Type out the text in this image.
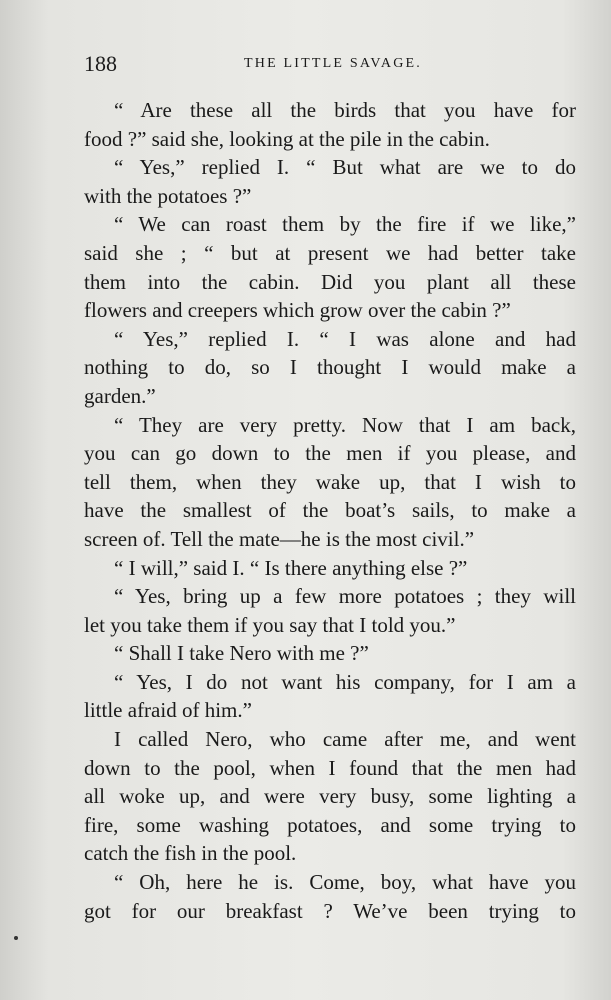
188	THE LITTLE SAVAGE.
“ Are these all the birds that you have for
food ?” said she, looking at the pile in the cabin.
“ Yes,” replied I. “ But what are we to do
with the potatoes ?”
“ We can roast them by the fire if we like,”
said she ; “ but at present we had better take
them into the cabin. Did you plant all these
flowers and creepers which grow over the cabin ?”
“ Yes,” replied I. “ I was alone and had
nothing to do, so I thought I would make a
garden.”
“ They are very pretty. Now that I am back,
you can go down to the men if you please, and
tell them, when they wake up, that I wish to
have the smallest of the boat’s sails, to make a
screen of. Tell the mate—he is the most civil.”
“ I will,” said I. “ Is there anything else ?”
“ Yes, bring up a few more potatoes ; they will
let you take them if you say that I told you.”
“ Shall I take Nero with me ?”
“ Yes, I do not want his company, for I am a
little afraid of him.”
I called Nero, who came after me, and went
down to the pool, when I found that the men had
all woke up, and were very busy, some lighting a
fire, some washing potatoes, and some trying to
catch the fish in the pool.
“ Oh, here he is. Come, boy, what have you
got for our breakfast ? We’ve been trying to
